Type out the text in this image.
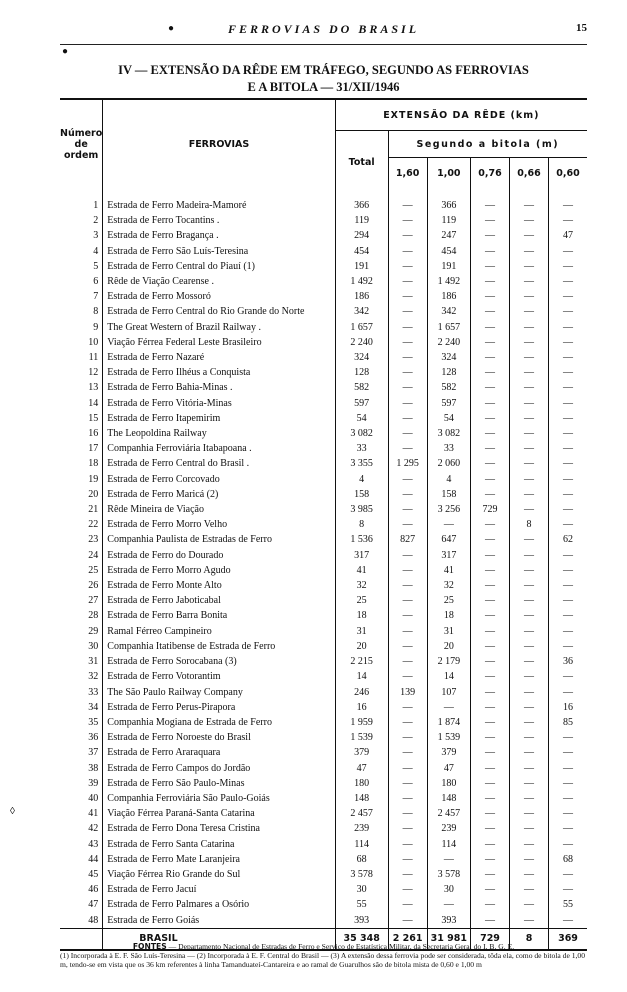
●	FERROVIAS DO BRASIL	15
●
IV — EXTENSÃO DA RÊDE EM TRÁFEGO, SEGUNDO AS FERROVIAS
E A BITOLA — 31/XII/1946
Número de ordem	FERROVIAS	EXTENSÃO DA RÊDE (km)					
		Total	Segundo a bitola (m)				
			1,60	1,00	0,76	0,66	0,60
1	Estrada de Ferro Madeira-Mamoré	366	—	366	—	—	—
2	Estrada de Ferro Tocantins .	119	—	119	—	—	—
3	Estrada de Ferro Bragança .	294	—	247	—	—	47
4	Estrada de Ferro São Luís-Teresina	454	—	454	—	—	—
5	Estrada de Ferro Central do Piauí (1)	191	—	191	—	—	—
6	Rêde de Viação Cearense .	1 492	—	1 492	—	—	—
7	Estrada de Ferro Mossoró	186	—	186	—	—	—
8	Estrada de Ferro Central do Rio Grande do Norte	342	—	342	—	—	—
9	The Great Western of Brazil Railway .	1 657	—	1 657	—	—	—
10	Viação Férrea Federal Leste Brasileiro	2 240	—	2 240	—	—	—
11	Estrada de Ferro Nazaré	324	—	324	—	—	—
12	Estrada de Ferro Ilhéus a Conquista	128	—	128	—	—	—
13	Estrada de Ferro Bahia-Minas .	582	—	582	—	—	—
14	Estrada de Ferro Vitória-Minas	597	—	597	—	—	—
15	Estrada de Ferro Itapemirim	54	—	54	—	—	—
16	The Leopoldina Railway	3 082	—	3 082	—	—	—
17	Companhia Ferroviária Itabapoana .	33	—	33	—	—	—
18	Estrada de Ferro Central do Brasil .	3 355	1 295	2 060	—	—	—
19	Estrada de Ferro Corcovado	4	—	4	—	—	—
20	Estrada de Ferro Maricá (2)	158	—	158	—	—	—
21	Rêde Mineira de Viação	3 985	—	3 256	729	—	—
22	Estrada de Ferro Morro Velho	8	—	—	—	8	—
23	Companhia Paulista de Estradas de Ferro	1 536	827	647	—	—	62
24	Estrada de Ferro do Dourado	317	—	317	—	—	—
25	Estrada de Ferro Morro Agudo	41	—	41	—	—	—
26	Estrada de Ferro Monte Alto	32	—	32	—	—	—
27	Estrada de Ferro Jaboticabal	25	—	25	—	—	—
28	Estrada de Ferro Barra Bonita	18	—	18	—	—	—
29	Ramal Férreo Campineiro	31	—	31	—	—	—
30	Companhia Itatibense de Estrada de Ferro	20	—	20	—	—	—
31	Estrada de Ferro Sorocabana (3)	2 215	—	2 179	—	—	36
32	Estrada de Ferro Votorantim	14	—	14	—	—	—
33	The São Paulo Railway Company	246	139	107	—	—	—
34	Estrada de Ferro Perus-Pirapora	16	—	—	—	—	16
35	Companhia Mogiana de Estrada de Ferro	1 959	—	1 874	—	—	85
36	Estrada de Ferro Noroeste do Brasil	1 539	—	1 539	—	—	—
37	Estrada de Ferro Araraquara	379	—	379	—	—	—
38	Estrada de Ferro Campos do Jordão	47	—	47	—	—	—
39	Estrada de Ferro São Paulo-Minas	180	—	180	—	—	—
40	Companhia Ferroviária São Paulo-Goiás	148	—	148	—	—	—
41	Viação Férrea Paraná-Santa Catarina	2 457	—	2 457	—	—	—
42	Estrada de Ferro Dona Teresa Cristina	239	—	239	—	—	—
43	Estrada de Ferro Santa Catarina	114	—	114	—	—	—
44	Estrada de Ferro Mate Laranjeira	68	—	—	—	—	68
45	Viação Férrea Rio Grande do Sul	3 578	—	3 578	—	—	—
46	Estrada de Ferro Jacuí	30	—	30	—	—	—
47	Estrada de Ferro Palmares a Osório	55	—	—	—	—	55
48	Estrada de Ferro Goiás	393	—	393	—	—	—
	BRASIL	35 348	2 261	31 981	729	8	369
◊
FONTES — Departamento Nacional de Estradas de Ferro e Serviço de Estatística Militar, da Secretaria Geral do I. B. G. E.
(1) Incorporada à E. F. São Luís-Teresina — (2) Incorporada à E. F. Central do Brasil — (3) A extensão dessa ferrovia pode ser considerada, tôda ela, como de bitola de 1,00 m, tendo-se em vista que os 36 km referentes à linha Tamanduateí-Cantareira e ao ramal de Guarulhos são de bitola mista de 0,60 e 1,00 m
